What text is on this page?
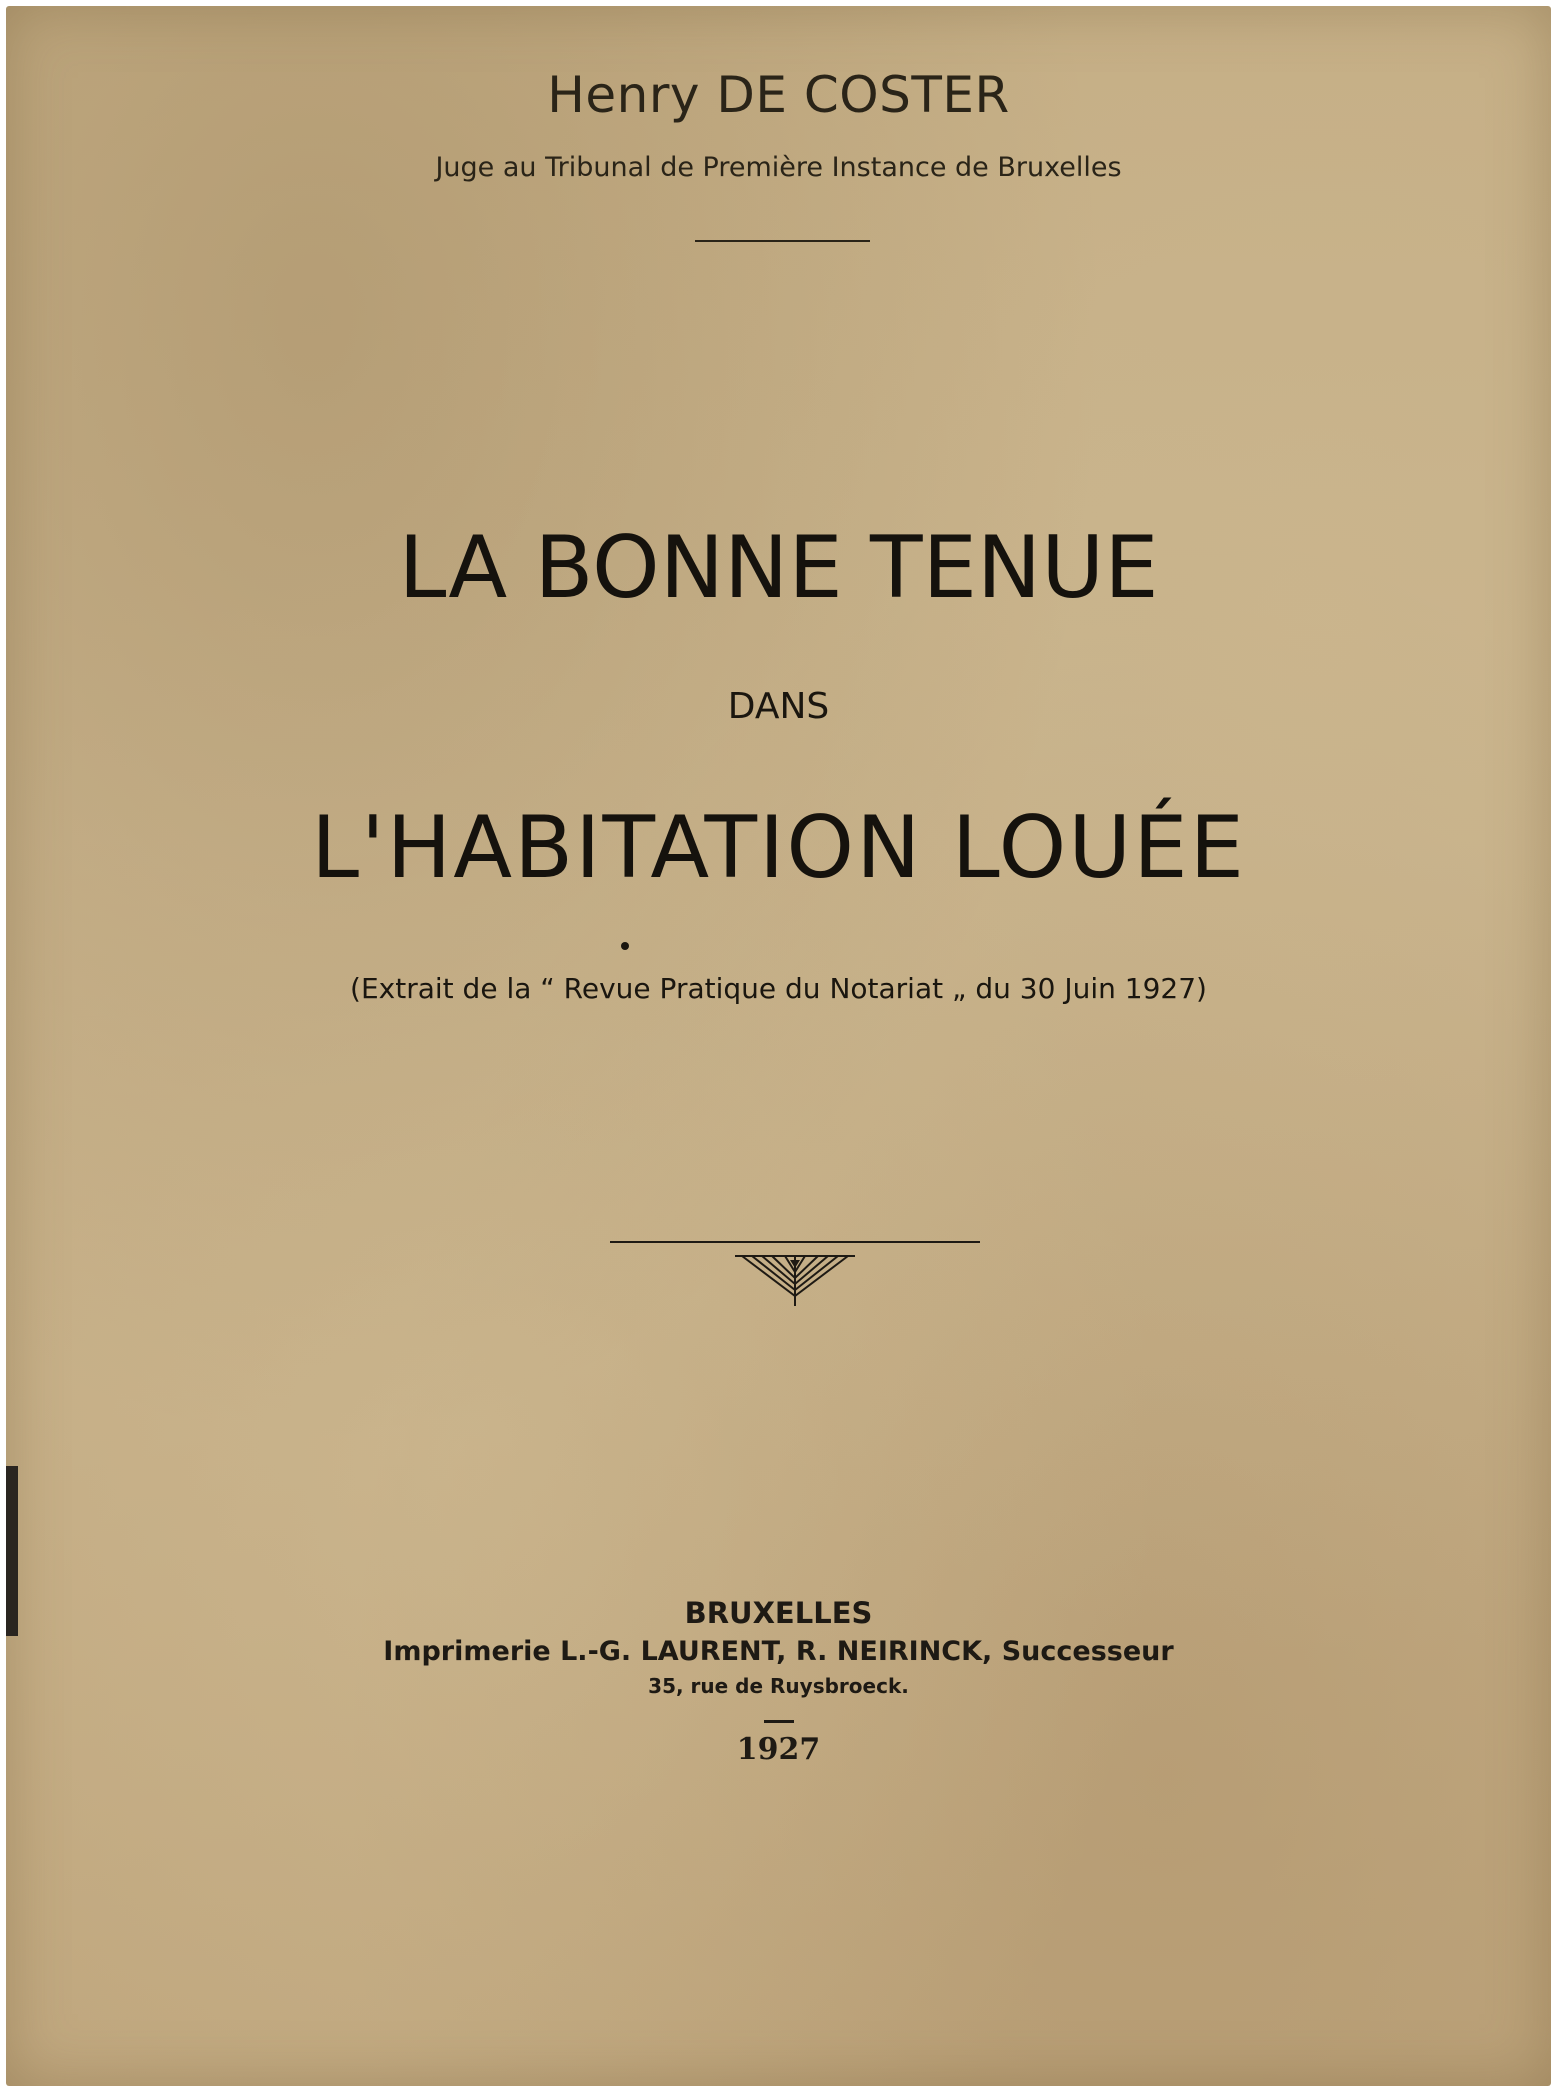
Henry DE COSTER
Juge au Tribunal de Première Instance de Bruxelles
LA BONNE TENUE
DANS
L'HABITATION LOUÉE
(Extrait de la “ Revue Pratique du Notariat „ du 30 Juin 1927)
BRUXELLES
Imprimerie L.-G. LAURENT, R. NEIRINCK, Successeur
35, rue de Ruysbroeck.
1927
